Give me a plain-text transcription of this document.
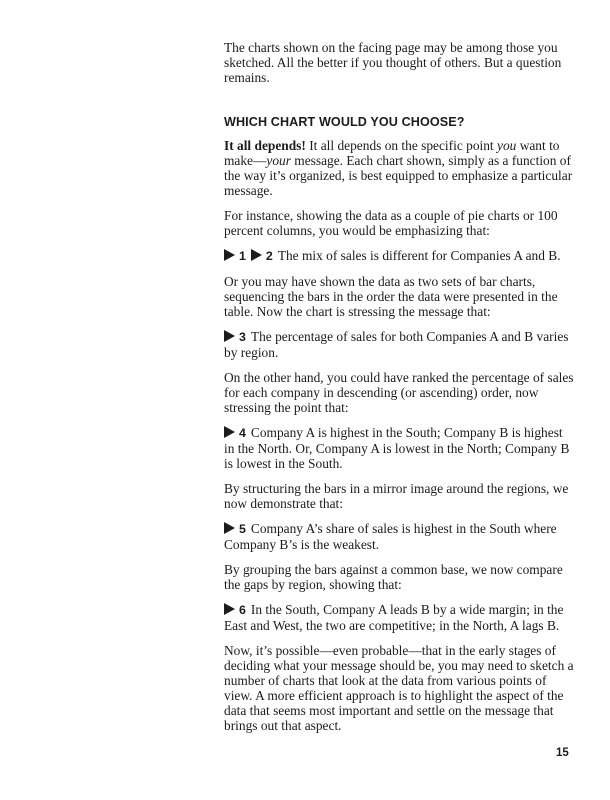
The charts shown on the facing page may be among those you sketched. All the better if you thought of others. But a question remains.

WHICH CHART WOULD YOU CHOOSE?

It all depends! It all depends on the specific point you want to make—your message. Each chart shown, simply as a function of the way it’s organized, is best equipped to emphasize a particular message.

For instance, showing the data as a couple of pie charts or 100 percent columns, you would be emphasizing that:

1 2 The mix of sales is different for Companies A and B.

Or you may have shown the data as two sets of bar charts, sequencing the bars in the order the data were presented in the table. Now the chart is stressing the message that:

3 The percentage of sales for both Companies A and B varies by region.

On the other hand, you could have ranked the percentage of sales for each company in descending (or ascending) order, now stressing the point that:

4 Company A is highest in the South; Company B is highest in the North. Or, Company A is lowest in the North; Company B is lowest in the South.

By structuring the bars in a mirror image around the regions, we now demonstrate that:

5 Company A’s share of sales is highest in the South where Company B’s is the weakest.

By grouping the bars against a common base, we now compare the gaps by region, showing that:

6 In the South, Company A leads B by a wide margin; in the East and West, the two are competitive; in the North, A lags B.

Now, it’s possible—even probable—that in the early stages of deciding what your message should be, you may need to sketch a number of charts that look at the data from various points of view. A more efficient approach is to highlight the aspect of the data that seems most important and settle on the message that brings out that aspect.

15
